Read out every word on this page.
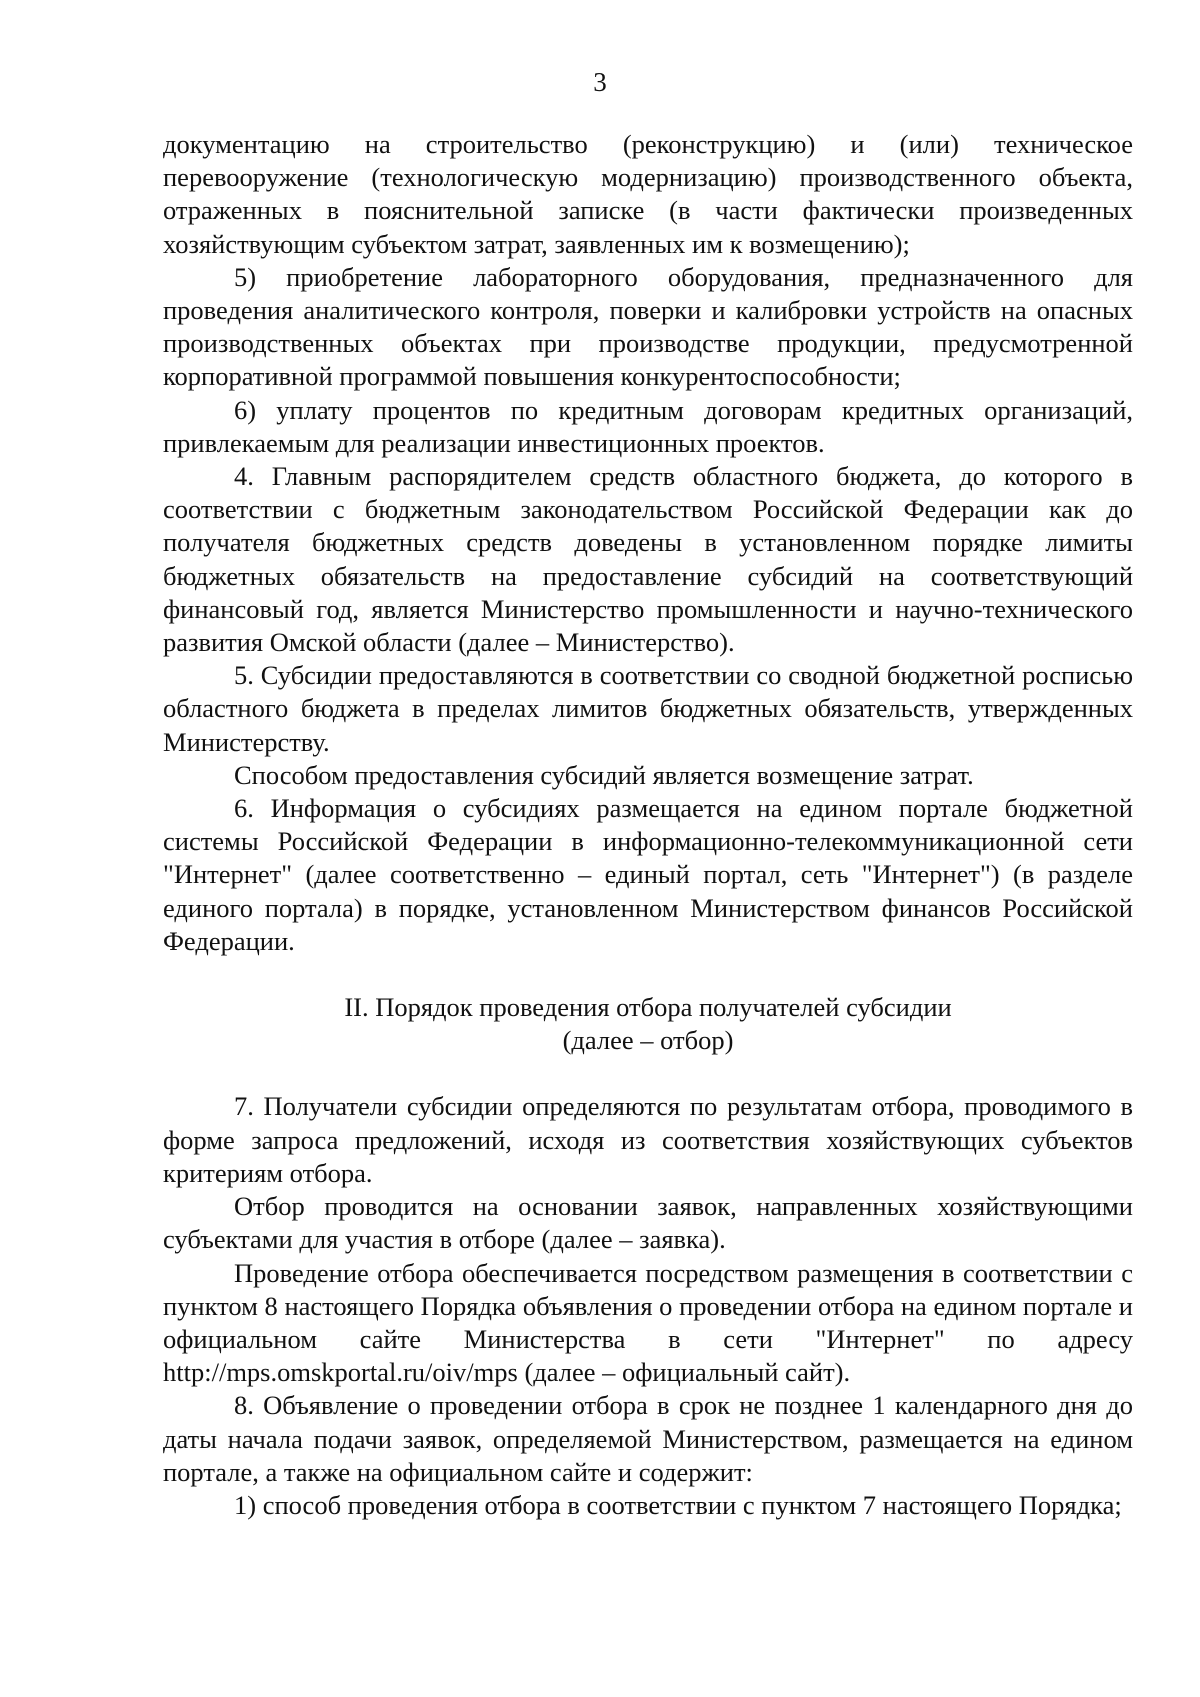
3

документацию на строительство (реконструкцию) и (или) техническое перевооружение (технологическую модернизацию) производственного объекта, отраженных в пояснительной записке (в части фактически произведенных хозяйствующим субъектом затрат, заявленных им к возмещению);

5) приобретение лабораторного оборудования, предназначенного для проведения аналитического контроля, поверки и калибровки устройств на опасных производственных объектах при производстве продукции, предусмотренной корпоративной программой повышения конкурентоспособности;

6) уплату процентов по кредитным договорам кредитных организаций, привлекаемым для реализации инвестиционных проектов.

4. Главным распорядителем средств областного бюджета, до которого в соответствии с бюджетным законодательством Российской Федерации как до получателя бюджетных средств доведены в установленном порядке лимиты бюджетных обязательств на предоставление субсидий на соответствующий финансовый год, является Министерство промышленности и научно-технического развития Омской области (далее – Министерство).

5. Субсидии предоставляются в соответствии со сводной бюджетной росписью областного бюджета в пределах лимитов бюджетных обязательств, утвержденных Министерству.

Способом предоставления субсидий является возмещение затрат.

6. Информация о субсидиях размещается на едином портале бюджетной системы Российской Федерации в информационно-телекоммуникационной сети "Интернет" (далее соответственно – единый портал, сеть "Интернет") (в разделе единого портала) в порядке, установленном Министерством финансов Российской Федерации.

II. Порядок проведения отбора получателей субсидии

(далее – отбор)

7. Получатели субсидии определяются по результатам отбора, проводимого в форме запроса предложений, исходя из соответствия хозяйствующих субъектов критериям отбора.

Отбор проводится на основании заявок, направленных хозяйствующими субъектами для участия в отборе (далее – заявка).

Проведение отбора обеспечивается посредством размещения в соответствии с пунктом 8 настоящего Порядка объявления о проведении отбора на едином портале и официальном сайте Министерства в сети "Интернет" по адресу http://mps.omskportal.ru/oiv/mps (далее – официальный сайт).

8. Объявление о проведении отбора в срок не позднее 1 календарного дня до даты начала подачи заявок, определяемой Министерством, размещается на едином портале, а также на официальном сайте и содержит:

1) способ проведения отбора в соответствии с пунктом 7 настоящего Порядка;
